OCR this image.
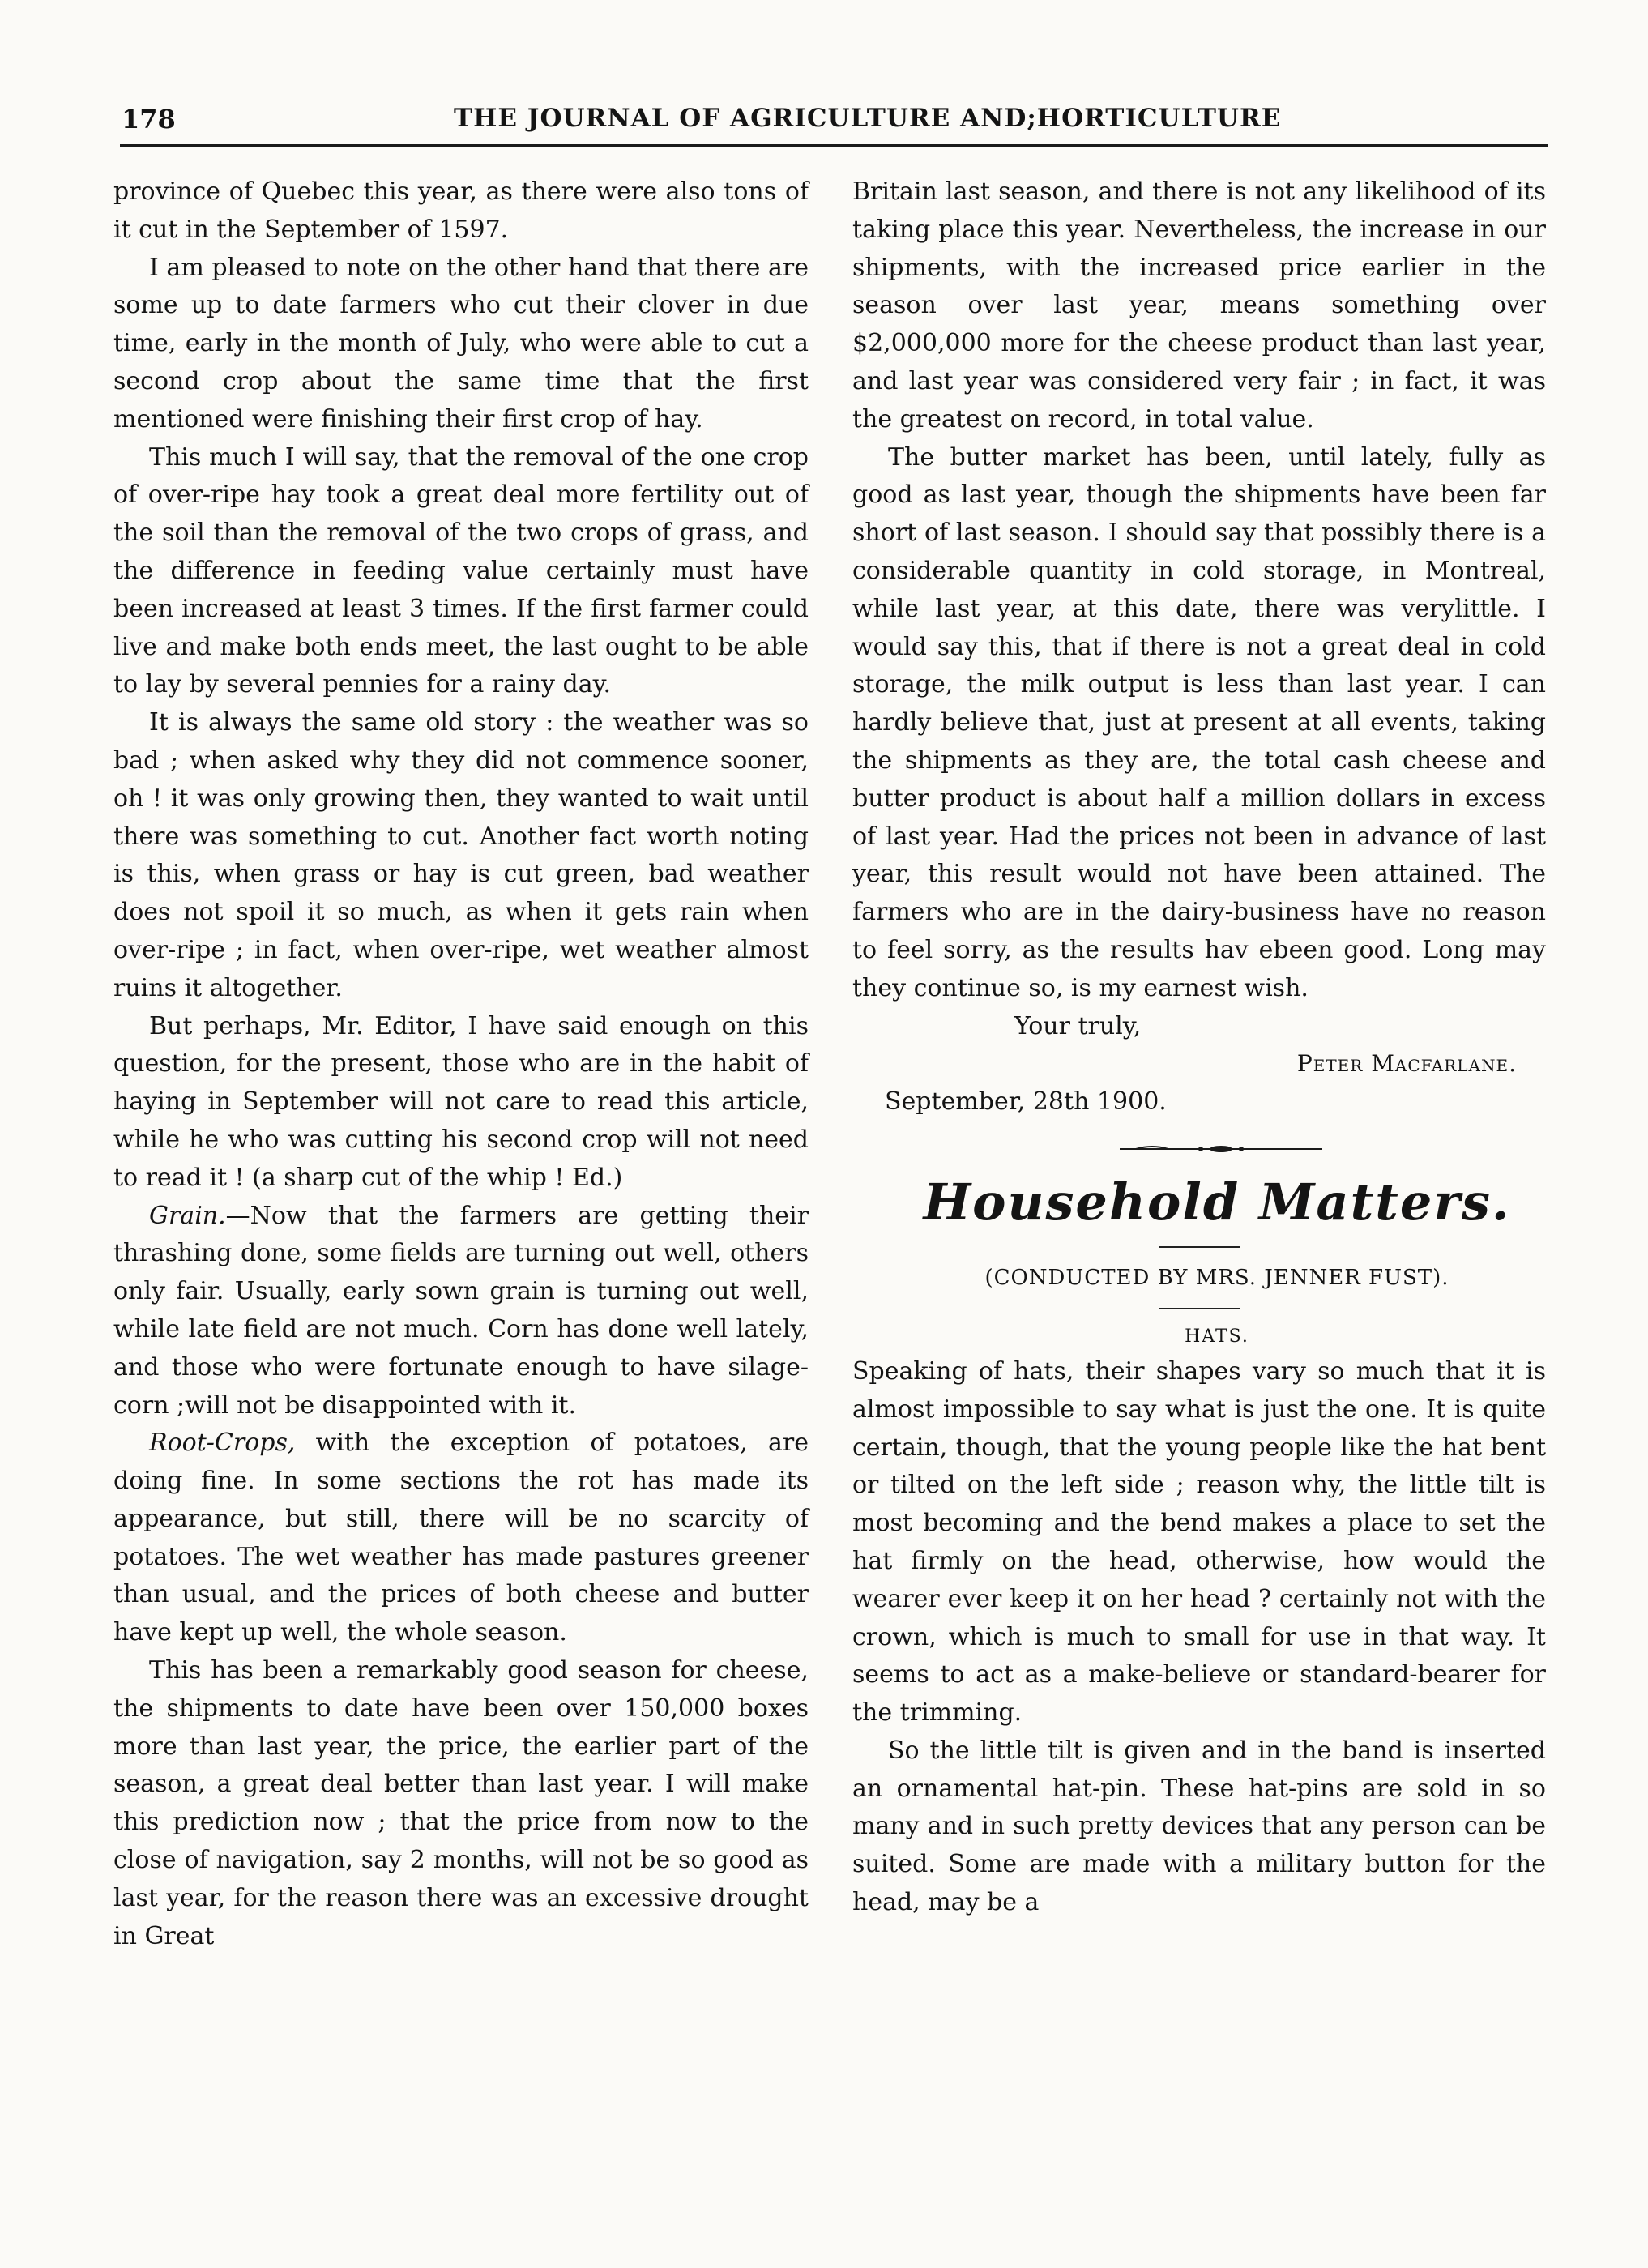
178	THE JOURNAL OF AGRICULTURE AND;HORTICULTURE

province of Quebec this year, as there were also tons of it cut in the September of 1597.

I am pleased to note on the other hand that there are some up to date farmers who cut their clover in due time, early in the month of July, who were able to cut a second crop about the same time that the first mentioned were finishing their first crop of hay.

This much I will say, that the removal of the one crop of over-ripe hay took a great deal more fertility out of the soil than the removal of the two crops of grass, and the difference in feeding value certainly must have been increased at least 3 times. If the first farmer could live and make both ends meet, the last ought to be able to lay by several pennies for a rainy day.

It is always the same old story : the weather was so bad ; when asked why they did not commence sooner, oh ! it was only growing then, they wanted to wait until there was something to cut. Another fact worth noting is this, when grass or hay is cut green, bad weather does not spoil it so much, as when it gets rain when over-ripe ; in fact, when over-ripe, wet weather almost ruins it altogether.

But perhaps, Mr. Editor, I have said enough on this question, for the present, those who are in the habit of haying in September will not care to read this article, while he who was cutting his second crop will not need to read it ! (a sharp cut of the whip ! Ed.)

Grain.—Now that the farmers are getting their thrashing done, some fields are turning out well, others only fair. Usually, early sown grain is turning out well, while late field are not much. Corn has done well lately, and those who were fortunate enough to have silage-corn ;will not be disappointed with it.

Root-Crops, with the exception of potatoes, are doing fine. In some sections the rot has made its appearance, but still, there will be no scarcity of potatoes. The wet weather has made pastures greener than usual, and the prices of both cheese and butter have kept up well, the whole season.

This has been a remarkably good season for cheese, the shipments to date have been over 150,000 boxes more than last year, the price, the earlier part of the season, a great deal better than last year. I will make this prediction now ; that the price from now to the close of navigation, say 2 months, will not be so good as last year, for the reason there was an excessive drought in Great

Britain last season, and there is not any likelihood of its taking place this year. Nevertheless, the increase in our shipments, with the increased price earlier in the season over last year, means something over $2,000,000 more for the cheese product than last year, and last year was considered very fair ; in fact, it was the greatest on record, in total value.

The butter market has been, until lately, fully as good as last year, though the shipments have been far short of last season. I should say that possibly there is a considerable quantity in cold storage, in Montreal, while last year, at this date, there was verylittle. I would say this, that if there is not a great deal in cold storage, the milk output is less than last year. I can hardly believe that, just at present at all events, taking the shipments as they are, the total cash cheese and butter product is about half a million dollars in excess of last year. Had the prices not been in advance of last year, this result would not have been attained. The farmers who are in the dairy-business have no reason to feel sorry, as the results hav ebeen good. Long may they continue so, is my earnest wish.

Your truly,

Peter Macfarlane.

September, 28th 1900.

Household Matters.

(CONDUCTED BY MRS. JENNER FUST).

HATS.

Speaking of hats, their shapes vary so much that it is almost impossible to say what is just the one. It is quite certain, though, that the young people like the hat bent or tilted on the left side ; reason why, the little tilt is most becoming and the bend makes a place to set the hat firmly on the head, otherwise, how would the wearer ever keep it on her head ? certainly not with the crown, which is much to small for use in that way. It seems to act as a make-believe or standard-bearer for the trimming.

So the little tilt is given and in the band is inserted an ornamental hat-pin. These hat-pins are sold in so many and in such pretty devices that any person can be suited. Some are made with a military button for the head, may be a
